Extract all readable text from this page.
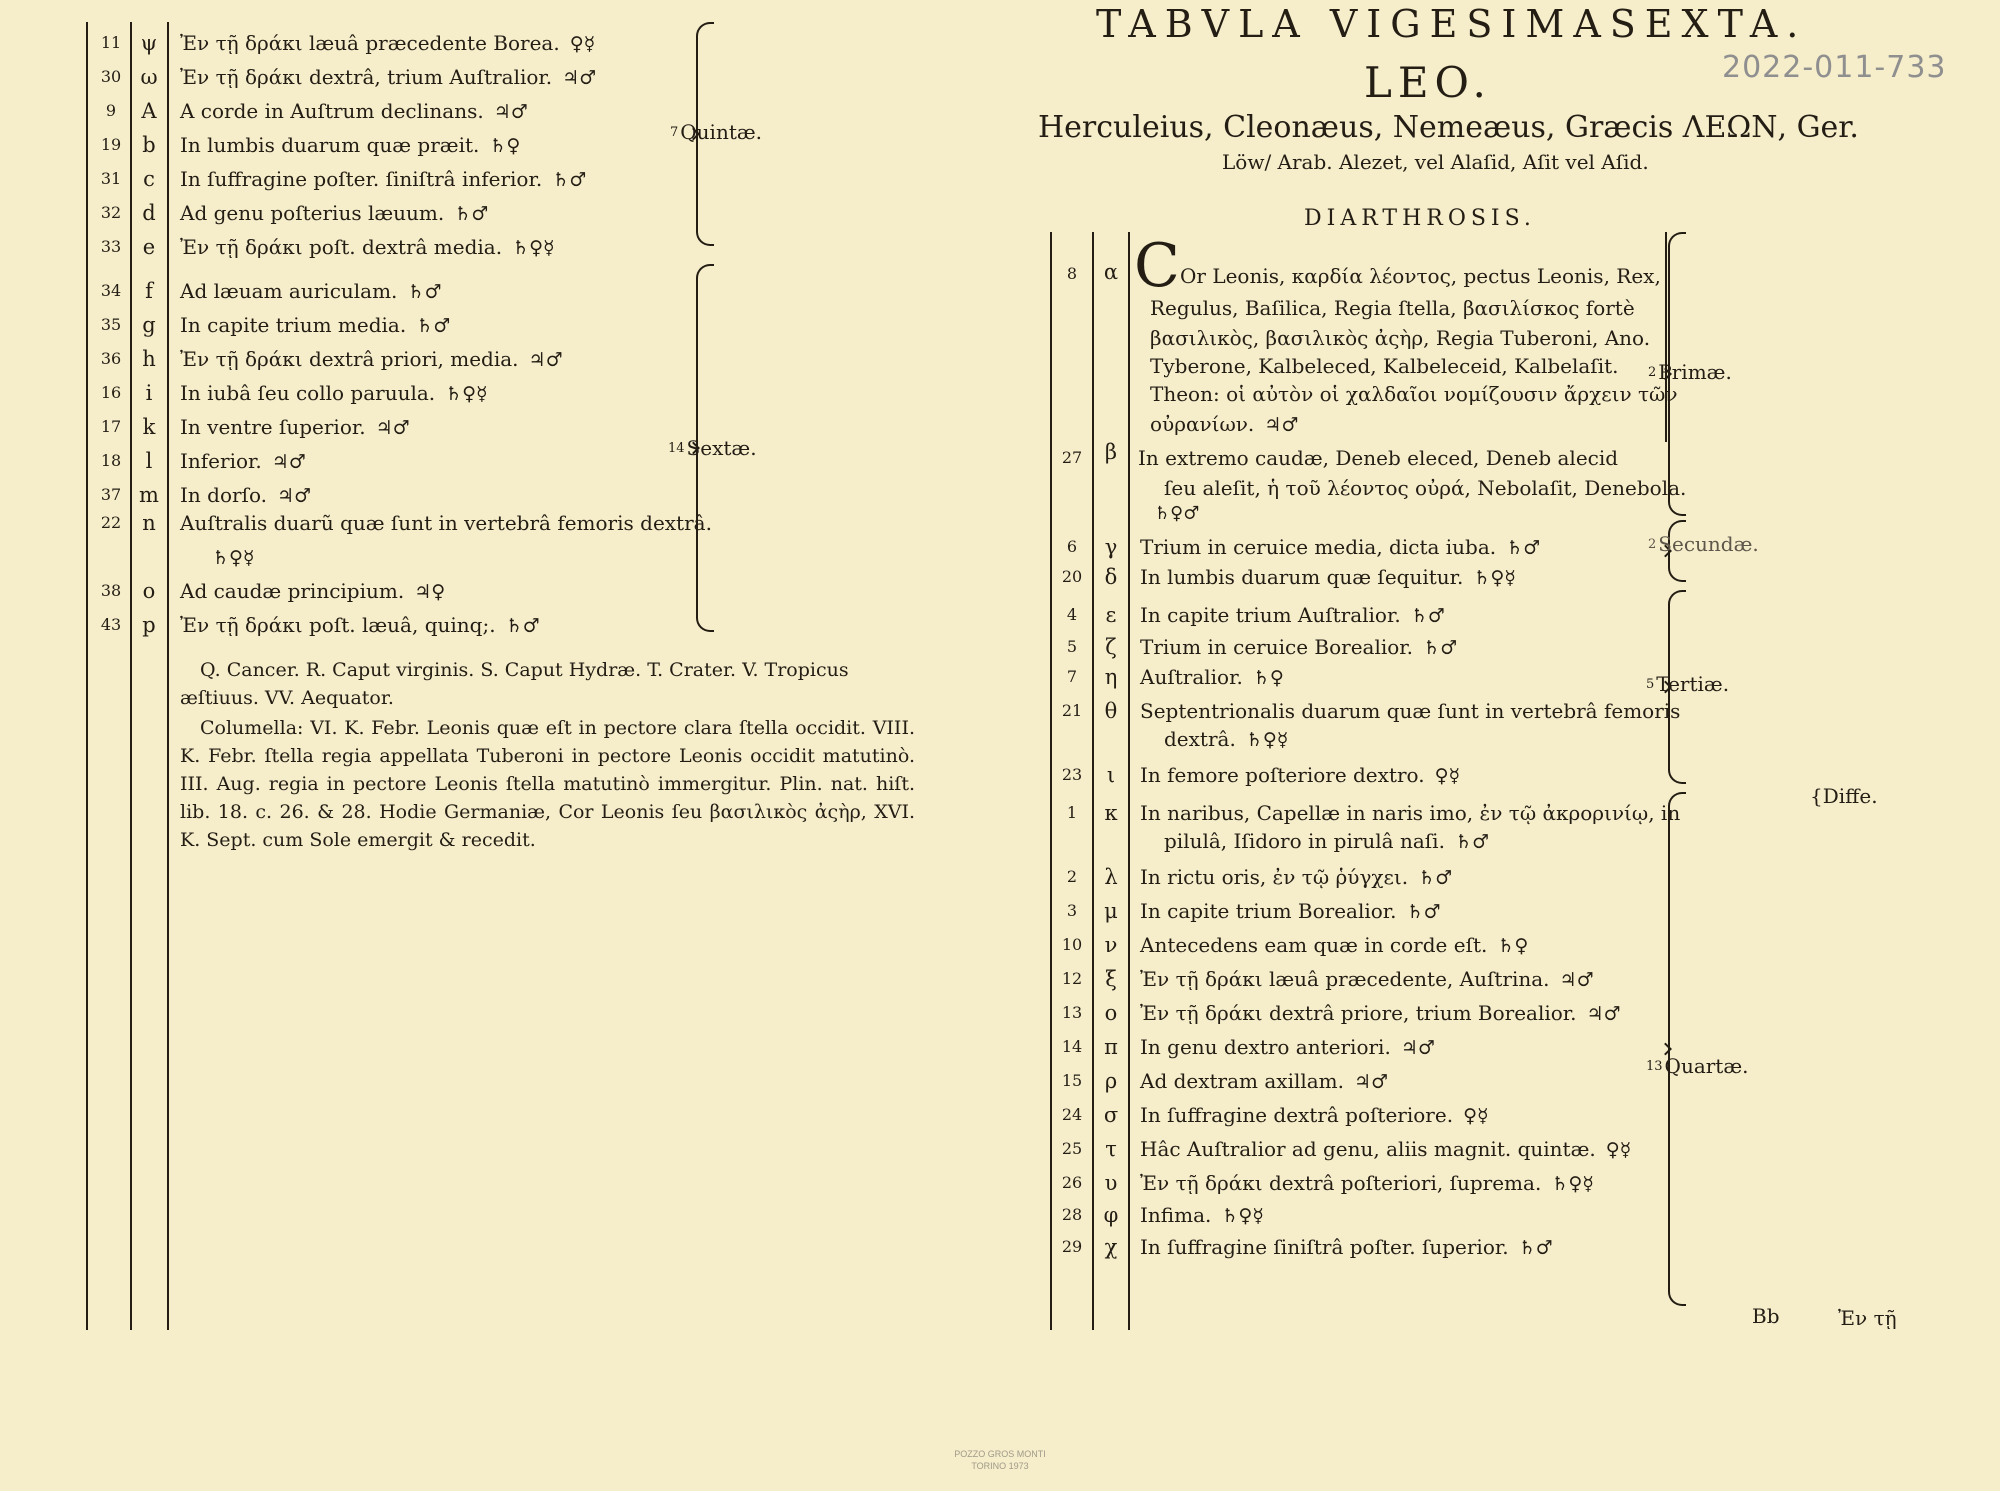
11 ψ	Ἐν τῇ δράκι læuâ præcedente Borea. ♀☿
30 ω	Ἐν τῇ δράκι dextrâ, trium Auſtralior. ♃♂
9	A	A corde in Auſtrum declinans. ♃♂
19	b	In lumbis duarum quæ præit. ♄♀
31	c	In ſuffragine poſter. ſiniſtrâ inferior. ♄♂
32	d	Ad genu poſterius læuum. ♄♂
33	e	Ἐν τῇ δράκι poſt. dextrâ media. ♄♀☿
34	f	Ad læuam auriculam. ♄♂
35	g	In capite trium media. ♄♂
36	h	Ἐν τῇ δράκι dextrâ priori, media. ♃♂
16	i	In iubâ ſeu collo paruula. ♄♀☿
17	k	In ventre ſuperior. ♃♂
18	l	Inferior. ♃♂
37 m	In dorſo. ♃♂
22	n	Auſtralis duarũ quæ ſunt in vertebrâ femoris dextrâ.
♄♀☿
38	o	Ad caudæ principium. ♃♀
43	p	Ἐν τῇ δράκι poſt. læuâ, quinq;. ♄♂
7 Quintæ.
14 Sextæ.
Q. Cancer. R. Caput virginis. S. Caput Hydræ. T. Crater. V. Tropicus æſtiuus. VV. Aequator.
Columella: VI. K. Febr. Leonis quæ eſt in pectore clara ſtella occidit. VIII. K. Febr. ſtella regia appellata Tuberoni in pectore Leonis occidit matutinò. III. Aug. regia in pectore Leonis ſtella matutinò immergitur. Plin. nat. hiſt. lib. 18. c. 26. & 28. Hodie Germaniæ, Cor Leonis ſeu βασιλικὸς ἀςὴρ, XVI. K. Sept. cum Sole emergit & recedit.
TABVLA VIGESIMASEXTA.
2022-011-733
LEO.
Herculeius, Cleonæus, Nemeæus, Græcis ΛΕΩΝ, Ger.
Löw/ Arab. Alezet, vel Alaſid, Aſit vel Aſid.
DIARTHROSIS.
8	α C Or Leonis, καρδία λέοντος, pectus Leonis, Rex,
Regulus, Baſilica, Regia ſtella, βασιλίσκος fortè
βασιλικὸς, βασιλικὸς ἀςὴρ, Regia Tuberoni, Ano.
Tyberone, Kalbeleced, Kalbeleceid, Kalbelaſit.
Theon: οἱ αὐτὸν οἱ χαλδαῖοι νομίζουσιν ἄρχειν τῶν
οὐρανίων. ♃♂
27	β	In extremo caudæ, Deneb eleced, Deneb alecid
ſeu aleſit, ἡ τοῦ λέοντος οὐρά, Nebolaſit, Denebola.
♄♀♂
6	γ	Trium in ceruice media, dicta iuba. ♄♂
20	δ	In lumbis duarum quæ ſequitur. ♄♀☿
4	ε	In capite trium Auſtralior. ♄♂
5	ζ	Trium in ceruice Borealior. ♄♂
7	η	Auſtralior. ♄♀
21	θ	Septentrionalis duarum quæ ſunt in vertebrâ femoris
dextrâ. ♄♀☿
23	ι	In femore poſteriore dextro. ♀☿
1	κ	In naribus, Capellæ in naris imo, ἐν τῷ ἀκρορινίῳ, in
pilulâ, Iſidoro in pirulâ naſi. ♄♂
2	λ	In rictu oris, ἐν τῷ ῥύγχει. ♄♂
3	μ	In capite trium Borealior. ♄♂
10	ν	Antecedens eam quæ in corde eſt. ♄♀
12	ξ	Ἐν τῇ δράκι læuâ præcedente, Auſtrina. ♃♂
13	ο	Ἐν τῇ δράκι dextrâ priore, trium Borealior. ♃♂
14	π	In genu dextro anteriori. ♃♂
15	ρ	Ad dextram axillam. ♃♂
24	σ	In ſuffragine dextrâ poſteriore. ♀☿
25	τ	Hâc Auſtralior ad genu, aliis magnit. quintæ. ♀☿
26	υ	Ἐν τῇ δράκι dextrâ poſteriori, ſuprema. ♄♀☿
28	φ	Infima. ♄♀☿
29	χ	In ſuffragine ſiniſtrâ poſter. ſuperior. ♄♂
2 Primæ.
2 Secundæ.
5 Tertiæ.
13 Quartæ.
{Diffe.
Bb	Ἐν τῇ
POZZO GROS MONTI
TORINO 1973
